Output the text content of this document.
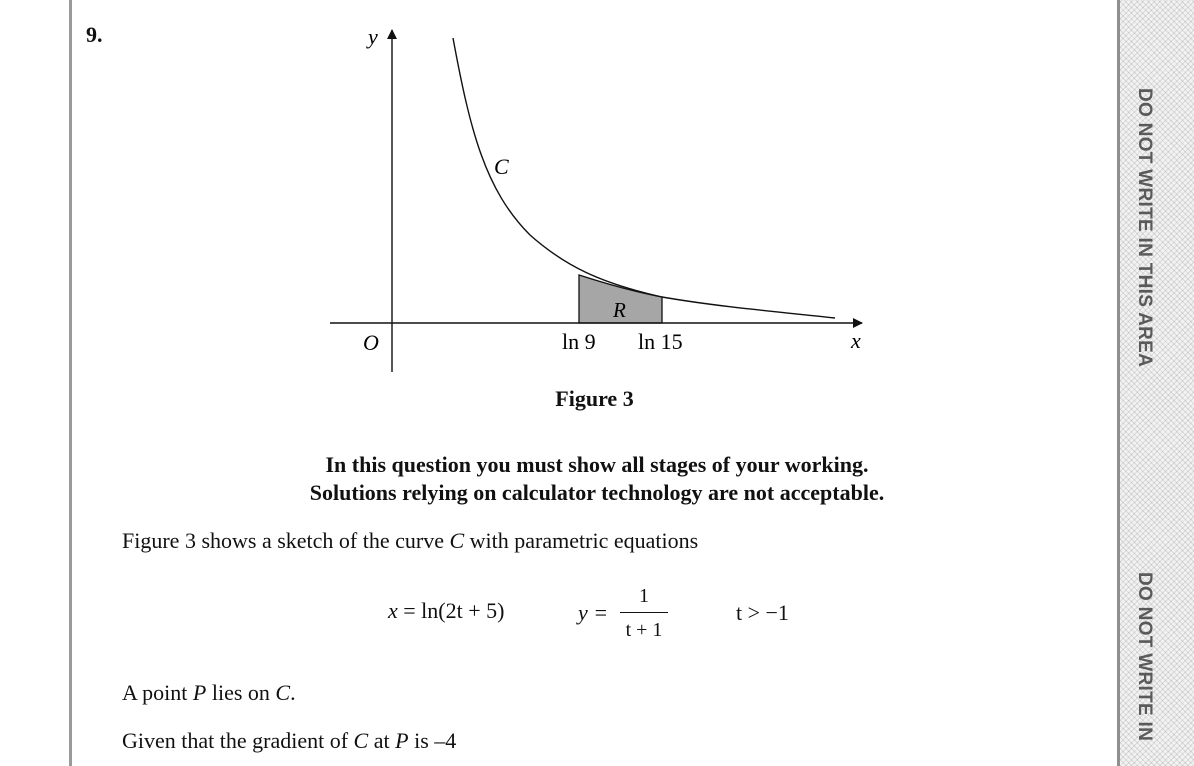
DO NOT WRITE IN THIS AREA
DO NOT WRITE IN
9.	y
x
O
C
R
ln 9 ln 15
Figure 3
In this question you must show all stages of your working.
Solutions relying on calculator technology are not acceptable.
Figure 3 shows a sketch of the curve C with parametric equations
x = ln(2t + 5)	y =
1
t + 1
t > −1
A point P lies on C.
Given that the gradient of C at P is –4
